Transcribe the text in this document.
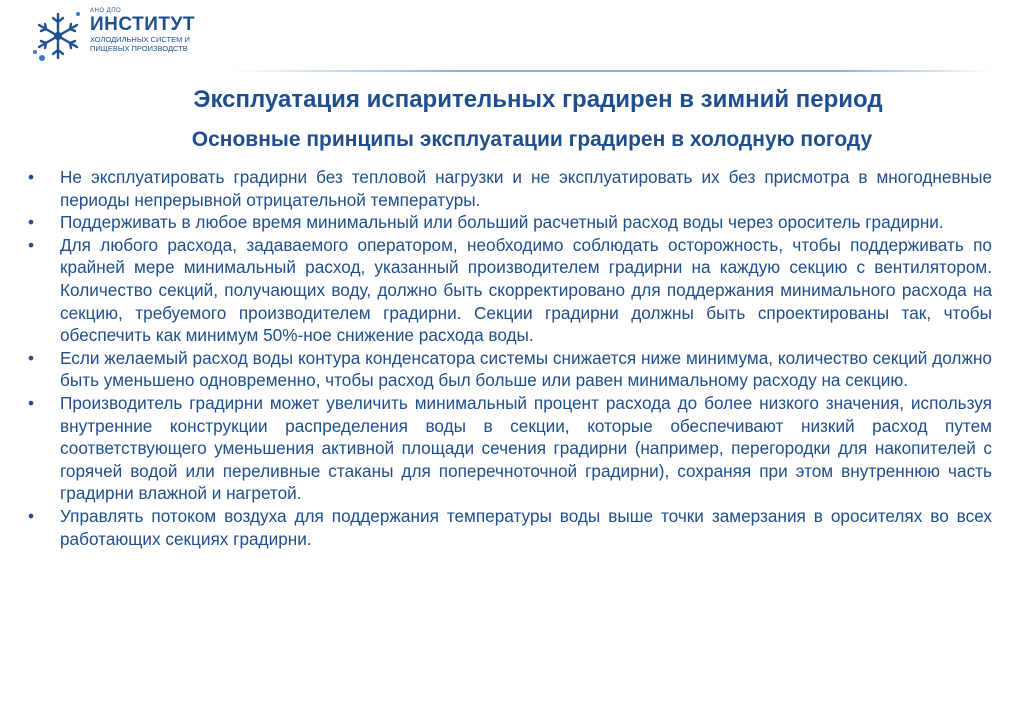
АНО ДПО
ИНСТИТУТ
ХОЛОДИЛЬНЫХ СИСТЕМ И
ПИЩЕВЫХ ПРОИЗВОДСТВ
Эксплуатация испарительных градирен в зимний период
Основные принципы эксплуатации градирен в холодную погоду
•	Не эксплуатировать градирни без тепловой нагрузки и не эксплуатировать их без присмотра в многодневные периоды непрерывной отрицательной температуры.
•	Поддерживать в любое время минимальный или больший расчетный расход воды через ороситель градирни.
•	Для любого расхода, задаваемого оператором, необходимо соблюдать осторожность, чтобы поддерживать по крайней мере минимальный расход, указанный производителем градирни на каждую секцию с вентилятором. Количество секций, получающих воду, должно быть скорректировано для поддержания минимального расхода на секцию, требуемого производителем градирни. Секции градирни должны быть спроектированы так, чтобы обеспечить как минимум 50%-ное снижение расхода воды.
•	Если желаемый расход воды контура конденсатора системы снижается ниже минимума, количество секций должно быть уменьшено одновременно, чтобы расход был больше или равен минимальному расходу на секцию.
•	Производитель градирни может увеличить минимальный процент расхода до более низкого значения, используя внутренние конструкции распределения воды в секции, которые обеспечивают низкий расход путем соответствующего уменьшения активной площади сечения градирни (например, перегородки для накопителей с горячей водой или переливные стаканы для поперечноточной градирни), сохраняя при этом внутреннюю часть градирни влажной и нагретой.
•	Управлять потоком воздуха для поддержания температуры воды выше точки замерзания в оросителях во всех работающих секциях градирни.
